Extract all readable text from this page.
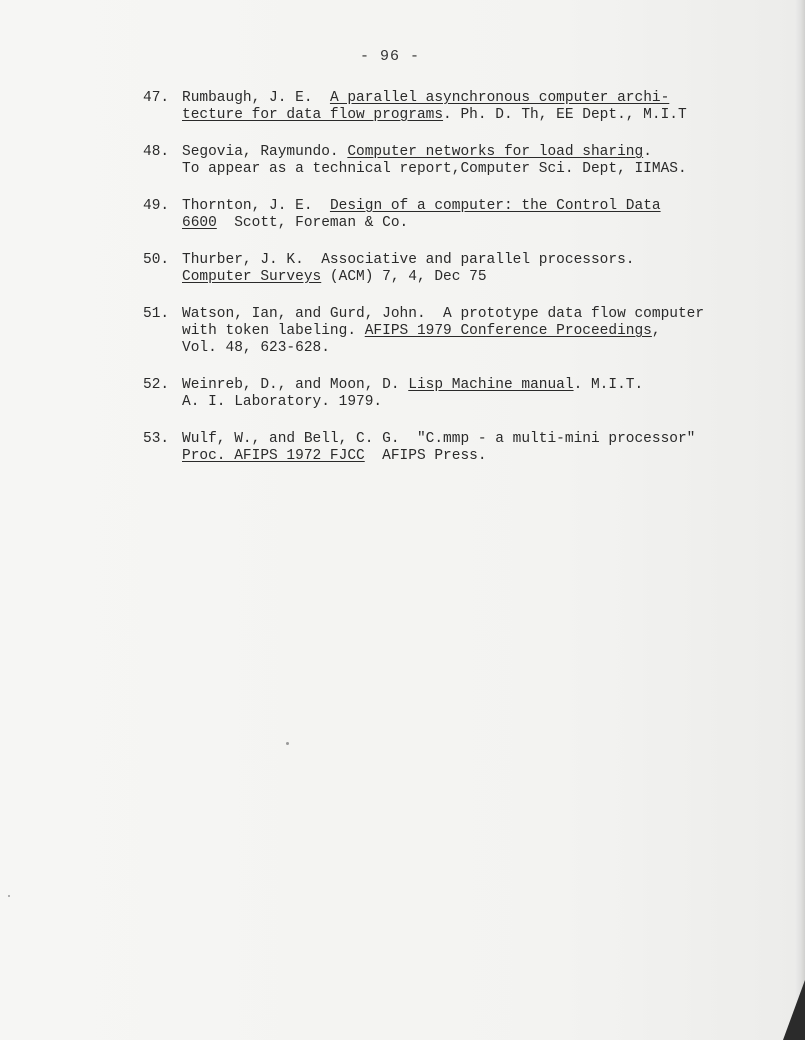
- 96 -
47. Rumbaugh, J. E.  A parallel asynchronous computer archi-
tecture for data flow programs. Ph. D. Th, EE Dept., M.I.T
48. Segovia, Raymundo. Computer networks for load sharing.
To appear as a technical report,Computer Sci. Dept, IIMAS.
49. Thornton, J. E.  Design of a computer: the Control Data
6600  Scott, Foreman & Co.
50. Thurber, J. K.  Associative and parallel processors.
Computer Surveys (ACM) 7, 4, Dec 75
51. Watson, Ian, and Gurd, John.  A prototype data flow computer
with token labeling. AFIPS 1979 Conference Proceedings,
Vol. 48, 623-628.
52. Weinreb, D., and Moon, D. Lisp Machine manual. M.I.T.
A. I. Laboratory. 1979.
53. Wulf, W., and Bell, C. G.  "C.mmp - a multi-mini processor"
Proc. AFIPS 1972 FJCC  AFIPS Press.
